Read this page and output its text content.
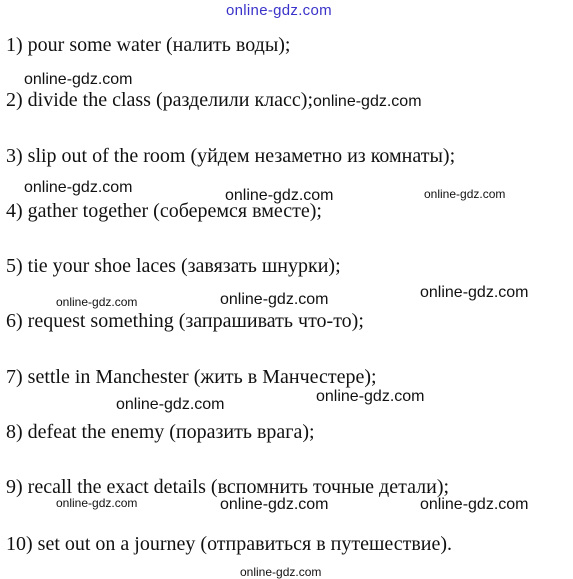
online-gdz.com

1) pour some water (налить воды);

online-gdz.com

2) divide the class (разделили класс);online-gdz.com

3) slip out of the room (уйдем незаметно из комнаты);

online-gdz.com	online-gdz.com	online-gdz.com

4) gather together (соберемся вместе);

5) tie your shoe laces (завязать шнурки);

online-gdz.com
online-gdz.com
online-gdz.com

6) request something (запрашивать что-то);

7) settle in Manchester (жить в Манчестере);

online-gdz.com
online-gdz.com

8) defeat the enemy (поразить врага);

9) recall the exact details (вспомнить точные детали);

online-gdz.com	online-gdz.com	online-gdz.com

10) set out on a journey (отправиться в путешествие).

online-gdz.com
